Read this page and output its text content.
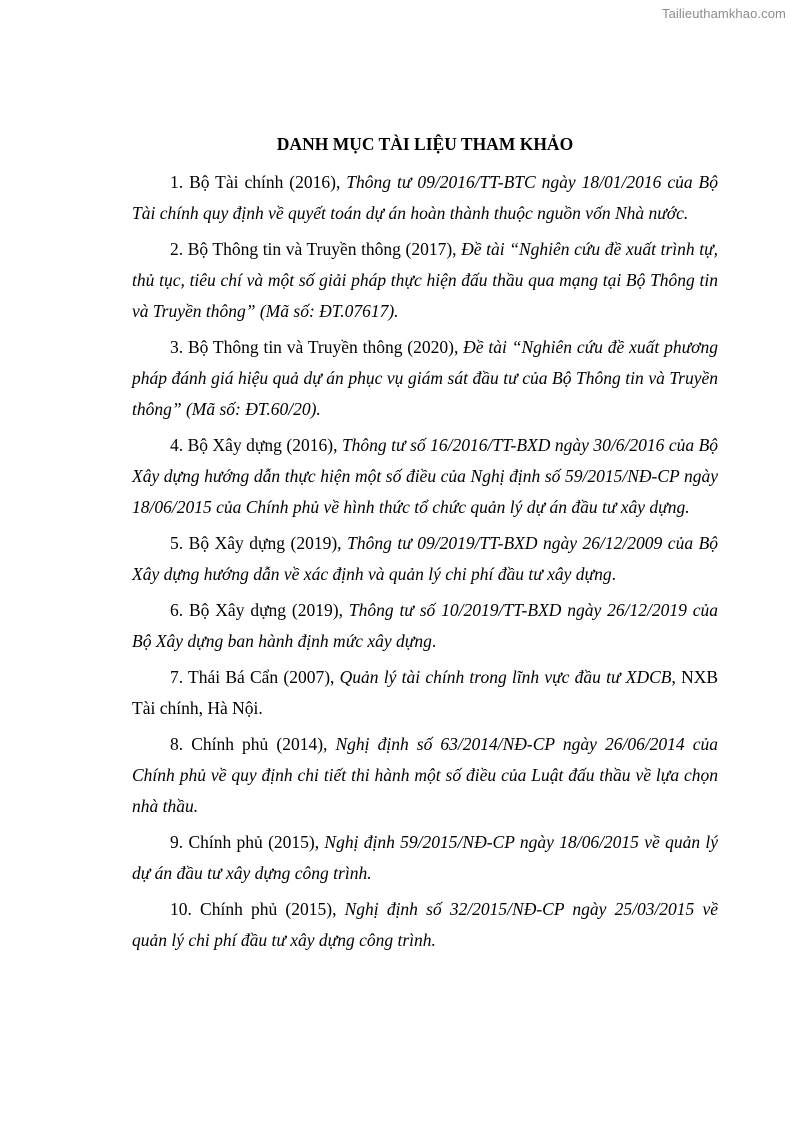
Tailieuthamkhao.com
DANH MỤC TÀI LIỆU THAM KHẢO
1. Bộ Tài chính (2016), Thông tư 09/2016/TT-BTC ngày 18/01/2016 của Bộ Tài chính quy định về quyết toán dự án hoàn thành thuộc nguồn vốn Nhà nước.
2. Bộ Thông tin và Truyền thông (2017), Đề tài “Nghiên cứu đề xuất trình tự, thủ tục, tiêu chí và một số giải pháp thực hiện đấu thầu qua mạng tại Bộ Thông tin và Truyền thông” (Mã số: ĐT.07617).
3. Bộ Thông tin và Truyền thông (2020), Đề tài “Nghiên cứu đề xuất phương pháp đánh giá hiệu quả dự án phục vụ giám sát đầu tư của Bộ Thông tin và Truyền thông” (Mã số: ĐT.60/20).
4. Bộ Xây dựng (2016), Thông tư số 16/2016/TT-BXD ngày 30/6/2016 của Bộ Xây dựng hướng dẫn thực hiện một số điều của Nghị định số 59/2015/NĐ-CP ngày 18/06/2015 của Chính phủ về hình thức tổ chức quản lý dự án đầu tư xây dựng.
5. Bộ Xây dựng (2019), Thông tư 09/2019/TT-BXD ngày 26/12/2009 của Bộ Xây dựng hướng dẫn về xác định và quản lý chi phí đầu tư xây dựng.
6. Bộ Xây dựng (2019), Thông tư số 10/2019/TT-BXD ngày 26/12/2019 của Bộ Xây dựng ban hành định mức xây dựng.
7. Thái Bá Cẩn (2007), Quản lý tài chính trong lĩnh vực đầu tư XDCB, NXB Tài chính, Hà Nội.
8. Chính phủ (2014), Nghị định số 63/2014/NĐ-CP ngày 26/06/2014 của Chính phủ về quy định chi tiết thi hành một số điều của Luật đấu thầu về lựa chọn nhà thầu.
9. Chính phủ (2015), Nghị định 59/2015/NĐ-CP ngày 18/06/2015 về quản lý dự án đầu tư xây dựng công trình.
10. Chính phủ (2015), Nghị định số 32/2015/NĐ-CP ngày 25/03/2015 về quản lý chi phí đầu tư xây dựng công trình.
